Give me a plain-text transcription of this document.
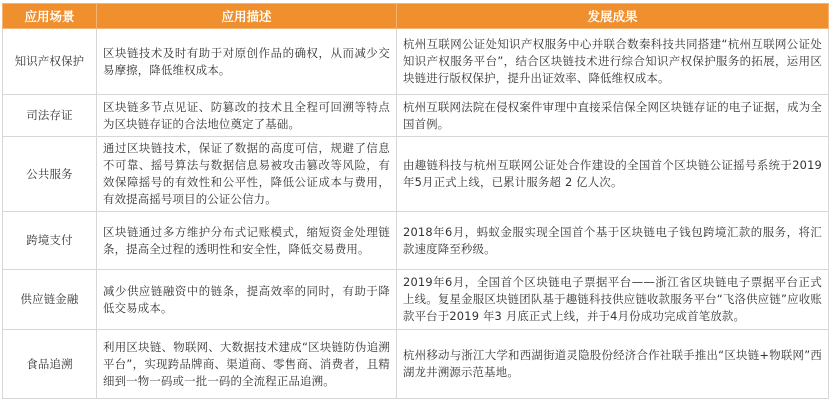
应用场景	应用描述	发展成果
知识产权保护	区块链技术及时有助于对原创作品的确权，从而减少交易摩擦，降低维权成本。	杭州互联网公证处知识产权服务中心并联合数秦科技共同搭建“杭州互联网公证处知识产权服务平台”，结合区块链技术进行综合知识产权保护服务的拓展，运用区块链进行版权保护，提升出证效率、降低维权成本。
司法存证	区块链多节点见证、防篡改的技术且全程可回溯等特点为区块链存证的合法地位奠定了基础。	杭州互联网法院在侵权案件审理中直接采信保全网区块链存证的电子证据，成为全国首例。
公共服务	通过区块链技术，保证了数据的高度可信，规避了信息不可靠、摇号算法与数据信息易被攻击篡改等风险，有效保障摇号的有效性和公平性，降低公证成本与费用，有效提高摇号项目的公证公信力。	由趣链科技与杭州互联网公证处合作建设的全国首个区块链公证摇号系统于2019年5月正式上线，已累计服务超 2 亿人次。
跨境支付	区块链通过多方维护分布式记账模式，缩短资金处理链条，提高全过程的透明性和安全性，降低交易费用。	2018年6月，蚂蚁金服实现全国首个基于区块链电子钱包跨境汇款的服务，将汇款速度降至秒级。
供应链金融	减少供应链融资中的链条，提高效率的同时，有助于降低交易成本。	2019年6月，全国首个区块链电子票据平台——浙江省区块链电子票据平台正式上线。复星金服区块链团队基于趣链科技供应链收款服务平台“飞洛供应链”应收账款平台于2019 年3 月底正式上线，并于4月份成功完成首笔放款。
食品追溯	利用区块链、物联网、大数据技术建成“区块链防伪追溯平台”，实现跨品牌商、渠道商、零售商、消费者，且精细到一物一码或一批一码的全流程正品追溯。	杭州移动与浙江大学和西湖街道灵隐股份经济合作社联手推出“区块链+物联网”西湖龙井溯源示范基地。
